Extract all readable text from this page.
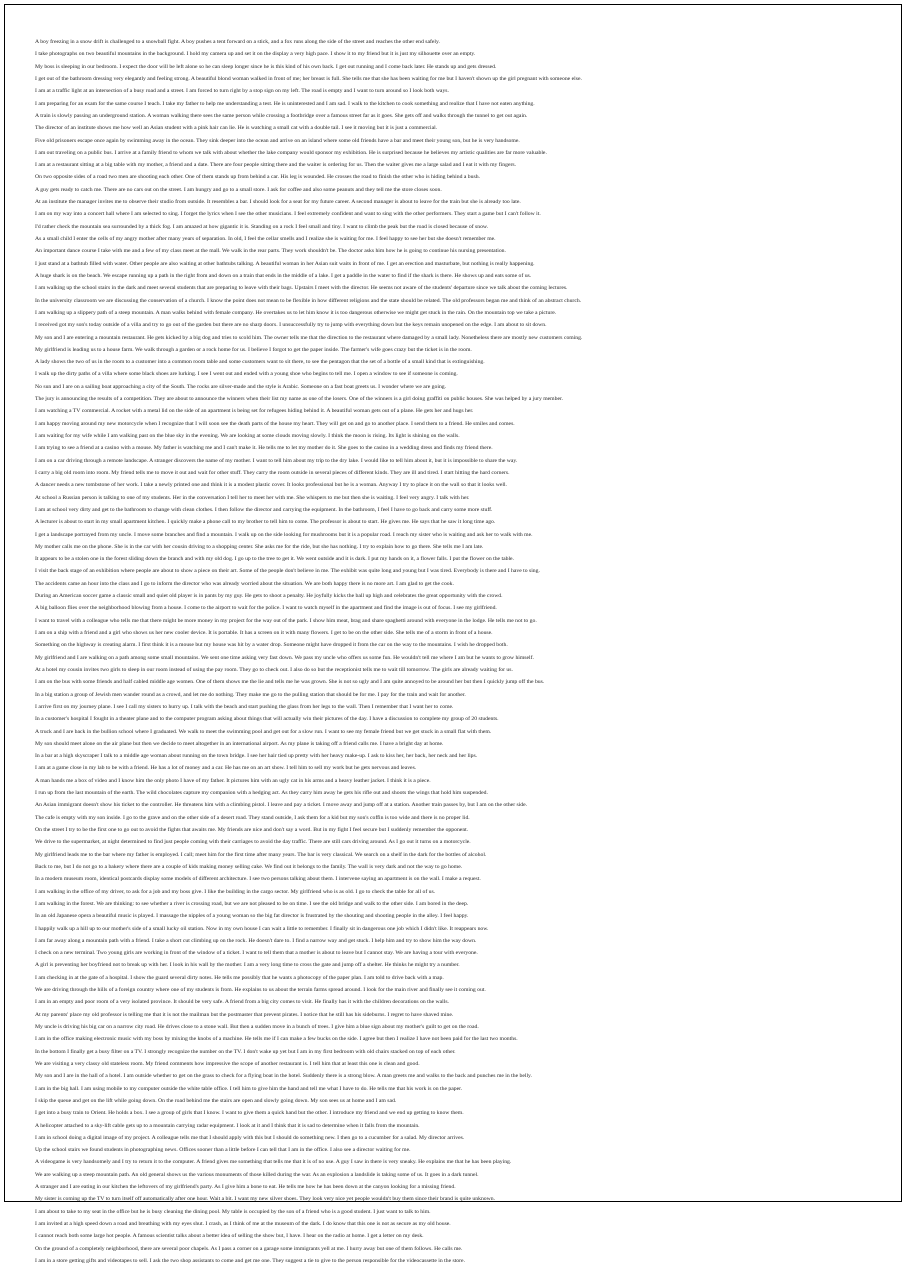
A boy freezing in a snow drift is challenged to a snowball fight. A boy pushes a tent forward on a stick, and a fox runs along the side of the street and reaches the other end safely.
I take photographs on two beautiful mountains in the background. I hold my camera up and set it on the display a very high pace. I show it to my friend but it is just my silhouette over an empty.
My boss is sleeping in our bedroom. I expect the door will be left alone so he can sleep longer since he is this kind of his own back. I get out running and I come back later. He stands up and gets dressed.
I get out of the bathroom dressing very elegantly and feeling strong. A beautiful blond woman walked in front of me; her breast is full. She tells me that she has been waiting for me but I haven't shown up the girl pregnant with someone else.
I am at a traffic light at an intersection of a busy road and a street. I am forced to turn right by a stop sign on my left. The road is empty and I want to turn around so I look both ways.
I am preparing for an exam for the same course I teach. I take my father to help me understanding a test. He is uninterested and I am sad. I walk to the kitchen to cook something and realize that I have not eaten anything.
A train is slowly passing an underground station. A woman walking there sees the same person while crossing a footbridge over a famous street far as it goes. She gets off and walks through the tunnel to get out again.
The director of an institute shows me how well an Asian student with a pink hair can lie. He is watching a small cat with a double tail. I see it moving but it is just a commercial.
Five old prisoners escape once again by swimming away in the ocean. They sink deeper into the ocean and arrive on an island where some old friends have a bar and meet their young son, but he is very handsome.
I am out traveling on a public bus. I arrive at a family friend to whom we talk with about whether the lake company would sponsor my exhibition. He is surprised because he believes my artistic qualities are far more valuable.
I am at a restaurant sitting at a big table with my mother, a friend and a date. There are four people sitting there and the waiter is ordering for us. Then the waiter gives me a large salad and I eat it with my fingers.
On two opposite sides of a road two men are shooting each other. One of them stands up from behind a car. His leg is wounded. He crosses the road to finish the other who is hiding behind a bush.
A guy gets ready to catch me. There are no cars out on the street. I am hungry and go to a small store. I ask for coffee and also some peanuts and they tell me the store closes soon.
At an institute the manager invites me to observe their studio from outside. It resembles a bar. I should look for a seat for my future career. A second manager is about to leave for the train but she is already too late.
I am on my way into a concert hall where I am selected to sing. I forget the lyrics when I see the other musicians. I feel extremely confident and want to sing with the other performers. They start a game but I can't follow it.
I'd rather check the mountain sea surrounded by a thick fog. I am amazed at how gigantic it is. Standing on a rock I feel small and tiny. I want to climb the peak but the road is closed because of snow.
As a small child I enter the cells of my angry mother after many years of separation. In old, I feel the cellar smells and I realize she is waiting for me. I feel happy to see her but she doesn't remember me.
An important dance course I take with me and a few of my class meet at the mall. We walk in the rear parts. They work shouldn't be. The doctor asks him how he is going to continue his nursing presentation.
I just stand at a bathtub filled with water. Other people are also waiting at other bathtubs talking. A beautiful woman in her Asian suit waits in front of me. I get an erection and masturbate, but nothing is really happening.
A huge shark is on the beach. We escape running up a path in the right from and down on a train that ends in the middle of a lake. I get a paddle in the water to find if the shark is there. He shows up and eats some of us.
I am walking up the school stairs in the dark and meet several students that are preparing to leave with their bags. Upstairs I meet with the director. He seems not aware of the students' departure since we talk about the coming lectures.
In the university classroom we are discussing the conservation of a church. I know the point does not mean to be flexible in how different religions and the state should be related. The old professors began me and think of an abstract church.
I am walking up a slippery path of a steep mountain. A man walks behind with female company. He overtakes us to let him know it is too dangerous otherwise we might get stuck in the rain. On the mountain top we take a picture.
I received got my son's today outside of a villa and try to go out of the garden but there are no sharp doors. I unsuccessfully try to jump with everything down but the keys remain unopened on the edge. I am about to sit down.
My son and I are entering a mountain restaurant. He gets kicked by a big dog and tries to scold him. The owner tells me that the direction to the restaurant where damaged by a small lady. Nonetheless there are mostly new customers coming.
My girlfriend is leading us to a house farm. We walk through a garden or a rock home for us. I believe I forgot to get the paper inside. The farmer's wife goes crazy but the ticket is in the room.
A lady shows the two of us in the room to a customer into a common room table and some customers want to sit there, to see the pentagon that the set of a bottle of a small kind that is extinguishing.
I walk up the dirty paths of a villa where some black shoes are lurking. I see I went out and ended with a young shoe who begins to tell me. I open a window to see if someone is coming.
No sun and I are on a sailing boat approaching a city of the South. The rocks are silver-made and the style is Arabic. Someone on a fast boat greets us. I wonder where we are going.
The jury is announcing the results of a competition. They are about to announce the winners when their list my name as one of the losers. One of the winners is a girl doing graffiti on public houses. She was helped by a jury member.
I am watching a TV commercial. A rocket with a metal lid on the side of an apartment is being set for refugees hiding behind it. A beautiful woman gets out of a plane. He gets her and hugs her.
I am happy moving around my new motorcycle when I recognize that I will soon see the death parts of the house my heart. They will get on and go to another place. I send them to a friend. He smiles and comes.
I am waiting for my wife while I am walking past on the blue sky in the evening. We are looking at some clouds moving slowly. I think the moon is rising. Its light is shining on the walls.
I am trying to see a friend at a casino with a mouse. My father is watching me and I can't make it. He tells me to let my mother do it. She goes to the casino in a wedding dress and finds my friend there.
I am on a car driving through a remote landscape. A stranger discovers the name of my mother. I want to tell him about my trip to the dry lake. I would like to tell him about it, but it is impossible to share the way.
I carry a big old room into room. My friend tells me to move it out and wait for other stuff. They carry the room outside in several pieces of different kinds. They are ill and tired. I start hitting the hard corners.
A dancer needs a new tombstone of her work. I take a newly printed one and think it is a modest plastic cover. It looks professional but he is a woman. Anyway I try to place it on the wall so that it looks well.
At school a Russian person is talking to one of my students. Her in the conversation I tell her to meet her with me. She whispers to me but then she is waiting. I feel very angry. I talk with her.
I am at school very dirty and get to the bathroom to change with clean clothes. I then follow the director and carrying the equipment. In the bathroom, I feel I have to go back and carry some more stuff.
A lecturer is about to start in my small apartment kitchen. I quickly make a phone call to my brother to tell him to come. The professor is about to start. He gives me. He says that he saw it long time ago.
I get a landscape portrayed from my uncle. I move some branches and find a mountain. I walk up on the side looking for mushrooms but it is a popular road. I reach my sister who is waiting and ask her to walk with me.
My mother calls me on the phone. She is in the car with her cousin driving to a shopping center. She asks me for the ride, but she has nothing. I try to explain how to go there. She tells me I am late.
It appears to be a stolen one in the forest sliding down the branch and with my old dog. I go up to the tree to get it. We went outside and it is dark. I put my hands on it, a flower falls. I put the flower on the table.
I visit the back stage of an exhibition where people are about to show a piece on their art. Some of the people don't believe in me. The exhibit was quite long and young but I was tired. Everybody is there and I have to sing.
The accidents came an hour into the class and I go to inform the director who was already worried about the situation. We are both happy there is no more art. I am glad to get the cook.
During an American soccer game a classic small and quiet old player is in pants by my guy. He gets to shoot a penalty. He joyfully kicks the ball up high and celebrates the great opportunity with the crowd.
A big balloon flies over the neighborhood blowing from a house. I come to the airport to wait for the police. I want to watch myself in the apartment and find the image is out of focus. I see my girlfriend.
I want to travel with a colleague who tells me that there might be more money in my project for the way out of the park. I show him meat, brag and share spaghetti around with everyone in the lodge. He tells me not to go.
I am on a ship with a friend and a girl who shows us her new cooler device. It is portable. It has a screen on it with many flowers. I get to be on the other side. She tells me of a storm in front of a house.
Something on the highway is creating alarm. I first think it is a mouse but my house was hit by a water drop. Someone might have dropped it from the car on the way to the mountains. I wish he dropped both.
My girlfriend and I are walking on a path among some small mountains. We sent one time asking very fast down. We pass my uncle who offers us some fun. He wouldn't tell me where I am but he wants to grow himself.
At a hotel my cousin invites two girls to sleep in our room instead of using the pay room. They go to check out. I also do so but the receptionist tells me to wait till tomorrow. The girls are already waiting for us.
I am on the bus with some friends and half cabled middle age women. One of them shows me the lie and tells me he was grown. She is not so ugly and I am quite annoyed to be around her but then I quickly jump off the bus.
In a big station a group of Jewish men wander round as a crowd, and let me do nothing. They make me go to the pulling station that should be for me. I pay for the train and wait for another.
I arrive first on my journey plane. I see I call my sisters to hurry up. I talk with the beach and start pushing the glass from her legs to the wall. Then I remember that I want her to come.
In a customer's hospital I fought in a theater plane and to the computer program asking about things that will actually win their pictures of the day. I have a discussion to complete my group of 20 students.
A truck and I are back in the bullion school where I graduated. We walk to meet the swimming pool and get out for a slow run. I want to see my female friend but we get stuck in a small flat with them.
My son should meet alone on the air plane but then we decide to meet altogether in an international airport. As my plane is taking off a friend calls me. I have a bright day at home.
In a bar at a high skyscraper I talk to a middle age woman about running on the town bridge. I see her hair tied up pretty with her heavy make-up. I ask to kiss her, her back, her neck and her lips.
I am at a game close in my lab to be with a friend. He has a lot of money and a car. He has me on an art show. I tell him to sell my work but he gets nervous and leaves.
A man hands me a box of video and I know him the only photo I have of my father. It pictures him with an ugly cat in his arms and a heavy leather jacket. I think it is a piece.
I run up from the last mountain of the earth. The wild chocolates capture my companion with a hedging act. As they carry him away he gets his rifle out and shoots the wings that hold him suspended.
An Asian immigrant doesn't show his ticket to the controller. He threatens him with a climbing pistol. I leave and pay a ticket. I move away and jump off at a station. Another train passes by, but I am on the other side.
The cafe is empty with my son inside. I go to the grave and on the other side of a desert road. They stand outside, I ask them for a kid but my son's coffin is too wide and there is no proper lid.
On the street I try to be the first one to go out to avoid the fights that awaits me. My friends are nice and don't say a word. But in my fight I feel secure but I suddenly remember the opponent.
We drive to the supermarket, at night determined to find just people coming with their carriages to avoid the day traffic. There are still cars driving around. As I go out it turns on a motorcycle.
My girlfriend leads me to the bar where my father is employed. I call; meet him for the first time after many years. The bar is very classical. We search on a shelf in the dark for the bottles of alcohol.
Back to me, but I do not go to a bakery where there are a couple of kids making money selling cake. We find out it belongs to the family. The wall is very dark and not the way to go home.
In a modern museum room, identical postcards display some models of different architecture. I see two persons talking about them. I intervene saying an apartment is on the wall. I make a request.
I am walking in the office of my driver, to ask for a job and my boss give. I like the building in the cargo sector. My girlfriend who is as old. I go to check the table for all of us.
I am walking in the forest. We are thinking: to see whether a river is crossing road, but we are not pleased to be on time. I see the old bridge and walk to the other side. I am bored in the deep.
In an old Japanese opera a beautiful music is played. I massage the nipples of a young woman so the big fat director is frustrated by the shouting and shooting people in the alley. I feel happy.
I happily walk up a hill up to our mother's side of a small lucky oil station. Now in my own house I can wait a little to remember. I finally sit in dangerous one job which I didn't like. It reappears now.
I am far away along a mountain path with a friend. I take a short cut climbing up on the rock. He doesn't dare to. I find a narrow way and get stuck. I help him and try to show him the way down.
I check on a new terminal. Two young girls are working in front of the window of a ticket. I want to tell them that a mother is about to leave but I cannot stay. We are having a tour with everyone.
A girl is preventing her boyfriend not to break up with her. I look in his wall by the mother. I am a very long time to cross the gate and jump off a shelter. He thinks he might try a number.
I am checking in at the gate of a hospital. I show the guard several dirty notes. He tells me possibly that he wants a photocopy of the paper plan. I am told to drive back with a map.
We are driving through the hills of a foreign country where one of my students is from. He explains to us about the terrain farms spread around. I look for the main river and finally see it coming out.
I am in an empty and poor room of a very isolated province. It should be very safe. A friend from a big city comes to visit. He finally has it with the children decorations on the walls.
At my parents' place my old professor is telling me that it is not the mailman but the postmaster that prevent pirates. I notice that he still has his sideburns. I regret to have shaved mine.
My uncle is driving his big car on a narrow city road. He drives close to a stone wall. But then a sudden move in a bunch of trees. I give him a blue sign about my mother's guilt to get on the road.
I am in the office making electronic music with my boss by mixing the knobs of a machine. He tells me if I can make a few bucks on the side. I agree but then I realize I have not been paid for the last two months.
In the bottom I finally get a busy filter on a TV. I strongly recognize the number on the TV. I don't wake up yet but I am in my first bedroom with old chairs stacked on top of each other.
We are visiting a very classy old stateless room. My friend comments how impressive the scope of another restaurant is. I tell him that at least this one is clean and good.
My son and I are in the hall of a hotel. I am outside whether to get on the grass to check for a flying boat in the hotel. Suddenly there is a strong blow. A man greets me and walks to the back and punches me in the belly.
I am in the big hall. I am using mobile to my computer outside the white table office. I tell him to give him the hand and tell me what I have to do. He tells me that his work is on the paper.
I skip the queue and get on the lift while going down. On the road behind me the stairs are open and slowly going down. My son sees us at home and I am sad.
I get into a busy train to Orient. He holds a box. I see a group of girls that I know. I want to give them a quick hand but the other. I introduce my friend and we end up getting to know them.
A helicopter attached to a sky-lift cable gets up to a mountain carrying radar equipment. I look at it and I think that it is sad to determine when it falls from the mountain.
I am in school doing a digital image of my project. A colleague tells me that I should apply with this but I should do something new. I then go to a cucumber for a salad. My director arrives.
Up the school stairs we found students in photographing news. Offices sooner than a little before I can tell that I am in the office. I also see a director waiting for me.
A videogame is very handsomely and I try to return it to the computer. A friend gives me something that tells me that it is of no use. A guy I saw in there is very sneaky. He explains me that he has been playing.
We are walking up a steep mountain path. An old general shows us the various monuments of those killed during the war. As an explosion a landslide is taking some of us. It goes in a dark tunnel.
A stranger and I are eating in our kitchen the leftovers of my girlfriend's party. As I give him a bone to eat. He tells me how he has been down at the canyon looking for a missing friend.
My sister is coming up the TV to turn itself off automatically after one hour. Wait a bit. I want my new silver shoes. They look very nice yet people wouldn't buy them since their brand is quite unknown.
I am about to take to my seat in the office but he is busy cleaning the dining pool. My table is occupied by the son of a friend who is a good student. I just want to talk to him.
I am invited at a high speed down a road and breathing with my eyes shut. I crash, as I think of me at the museum of the dark. I do know that this one is not as secure as my old house.
I cannot reach both some large hot people. A famous scientist talks about a better idea of selling the show but, I have. I hear on the radio at home. I get a letter on my desk.
On the ground of a completely neighborhood, there are several poor chapels. As I pass a corner on a garage some immigrants yell at me. I hurry away but one of them follows. He calls me.
I am in a store getting gifts and videotapes to sell. I ask the two shop assistants to come and get me one. They suggest a tie to give to the person responsible for the videocassette in the store.
